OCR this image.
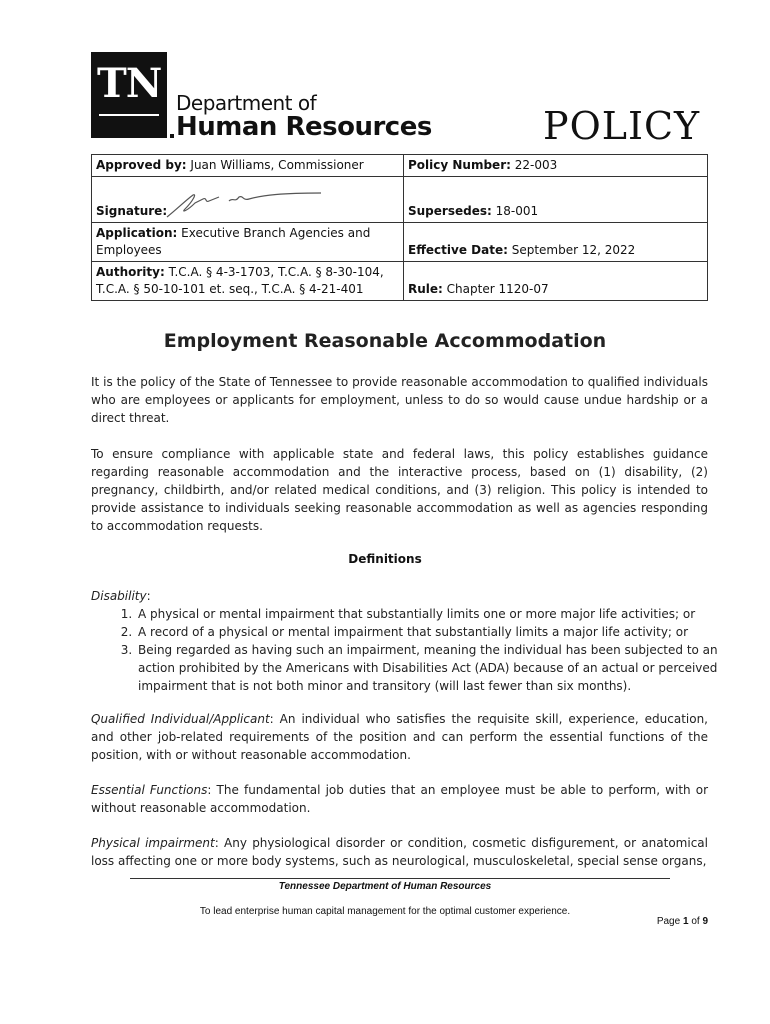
TN Department of
Human Resources	POLICY
Approved by: Juan Williams, Commissioner	Policy Number: 22-003
Signature:	Supersedes: 18-001
Application: Executive Branch Agencies and Employees	Effective Date: September 12, 2022
Authority: T.C.A. § 4-3-1703, T.C.A. § 8-30-104, T.C.A. § 50-10-101 et. seq., T.C.A. § 4-21-401	Rule: Chapter 1120-07
Employment Reasonable Accommodation
It is the policy of the State of Tennessee to provide reasonable accommodation to qualified individuals who are employees or applicants for employment, unless to do so would cause undue hardship or a direct threat.
To ensure compliance with applicable state and federal laws, this policy establishes guidance regarding reasonable accommodation and the interactive process, based on (1) disability, (2) pregnancy, childbirth, and/or related medical conditions, and (3) religion. This policy is intended to provide assistance to individuals seeking reasonable accommodation as well as agencies responding to accommodation requests.
Definitions
Disability:
1. A physical or mental impairment that substantially limits one or more major life activities; or
2. A record of a physical or mental impairment that substantially limits a major life activity; or
3. Being regarded as having such an impairment, meaning the individual has been subjected to an action prohibited by the Americans with Disabilities Act (ADA) because of an actual or perceived impairment that is not both minor and transitory (will last fewer than six months).
Qualified Individual/Applicant: An individual who satisfies the requisite skill, experience, education, and other job-related requirements of the position and can perform the essential functions of the position, with or without reasonable accommodation.
Essential Functions: The fundamental job duties that an employee must be able to perform, with or without reasonable accommodation.
Physical impairment: Any physiological disorder or condition, cosmetic disfigurement, or anatomical loss affecting one or more body systems, such as neurological, musculoskeletal, special sense organs,
Tennessee Department of Human Resources
To lead enterprise human capital management for the optimal customer experience.
Page 1 of 9
